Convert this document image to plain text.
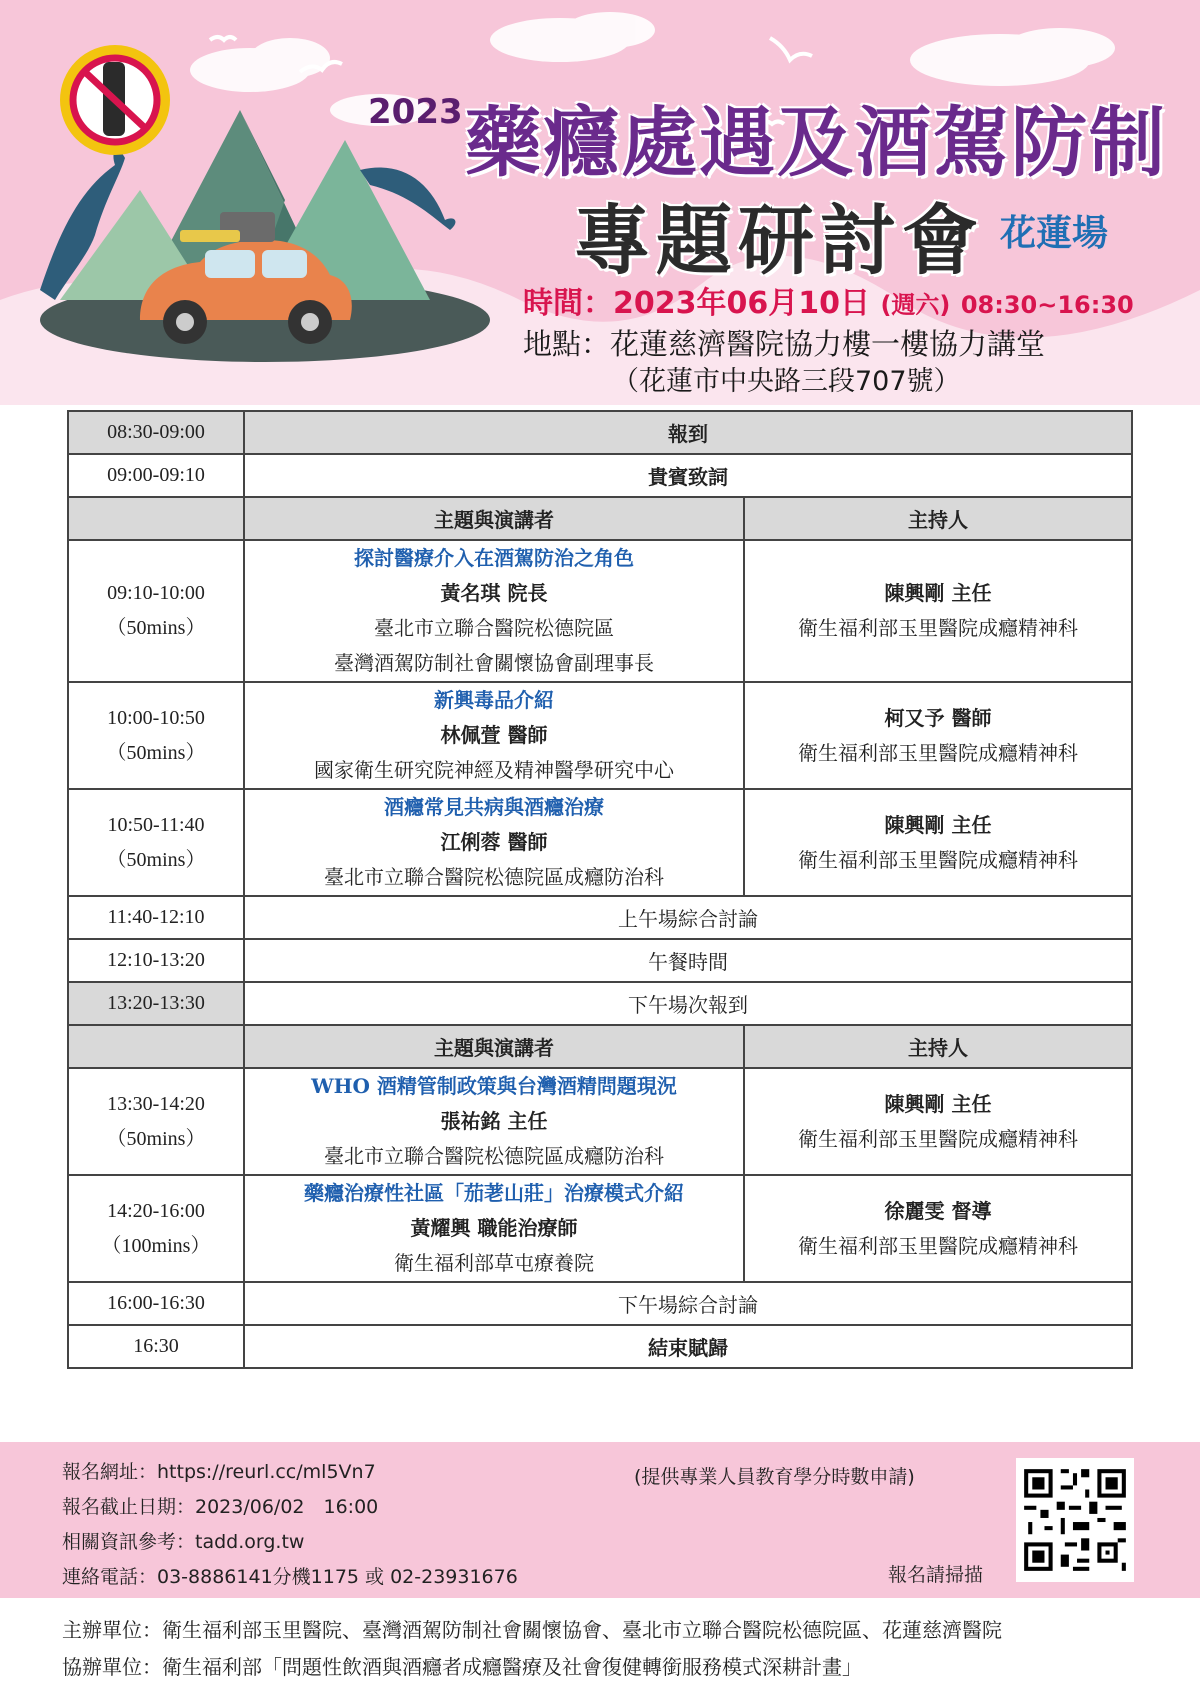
2023 藥癮處遇及酒駕防制
專題研討會 花蓮場
時間：2023年06月10日 (週六) 08:30~16:30
地點：花蓮慈濟醫院協力樓一樓協力講堂
（花蓮市中央路三段707號）
08:30-09:00	報到	
09:00-09:10	貴賓致詞	
	主題與演講者	主持人

09:10-10:00
（50mins）	探討醫療介入在酒駕防治之角色
黃名琪 院長
臺北市立聯合醫院松德院區
臺灣酒駕防制社會關懷協會副理事長	陳興剛 主任
衛生福利部玉里醫院成癮精神科

10:00-10:50
（50mins）	新興毒品介紹
林佩萱 醫師
國家衛生研究院神經及精神醫學研究中心	柯又予 醫師
衛生福利部玉里醫院成癮精神科

10:50-11:40
（50mins）	酒癮常見共病與酒癮治療
江俐蓉 醫師
臺北市立聯合醫院松德院區成癮防治科	陳興剛 主任
衛生福利部玉里醫院成癮精神科

11:40-12:10	上午場綜合討論	
12:10-13:20	午餐時間	
13:20-13:30	下午場次報到	
	主題與演講者	主持人

13:30-14:20
（50mins）	WHO 酒精管制政策與台灣酒精問題現況
張祐銘 主任
臺北市立聯合醫院松德院區成癮防治科	陳興剛 主任
衛生福利部玉里醫院成癮精神科

14:20-16:00
（100mins）	藥癮治療性社區「茄荖山莊」治療模式介紹
黃耀興 職能治療師
衛生福利部草屯療養院	徐麗雯 督導
衛生福利部玉里醫院成癮精神科

16:00-16:30	下午場綜合討論	
16:30	結束賦歸	
報名網址：https://reurl.cc/ml5Vn7
報名截止日期：2023/06/02　16:00
相關資訊參考：tadd.org.tw
連絡電話：03-8886141分機1175 或 02-23931676
(提供專業人員教育學分時數申請)
報名請掃描
主辦單位：衛生福利部玉里醫院、臺灣酒駕防制社會關懷協會、臺北市立聯合醫院松德院區、花蓮慈濟醫院
協辦單位：衛生福利部「問題性飲酒與酒癮者成癮醫療及社會復健轉銜服務模式深耕計畫」
